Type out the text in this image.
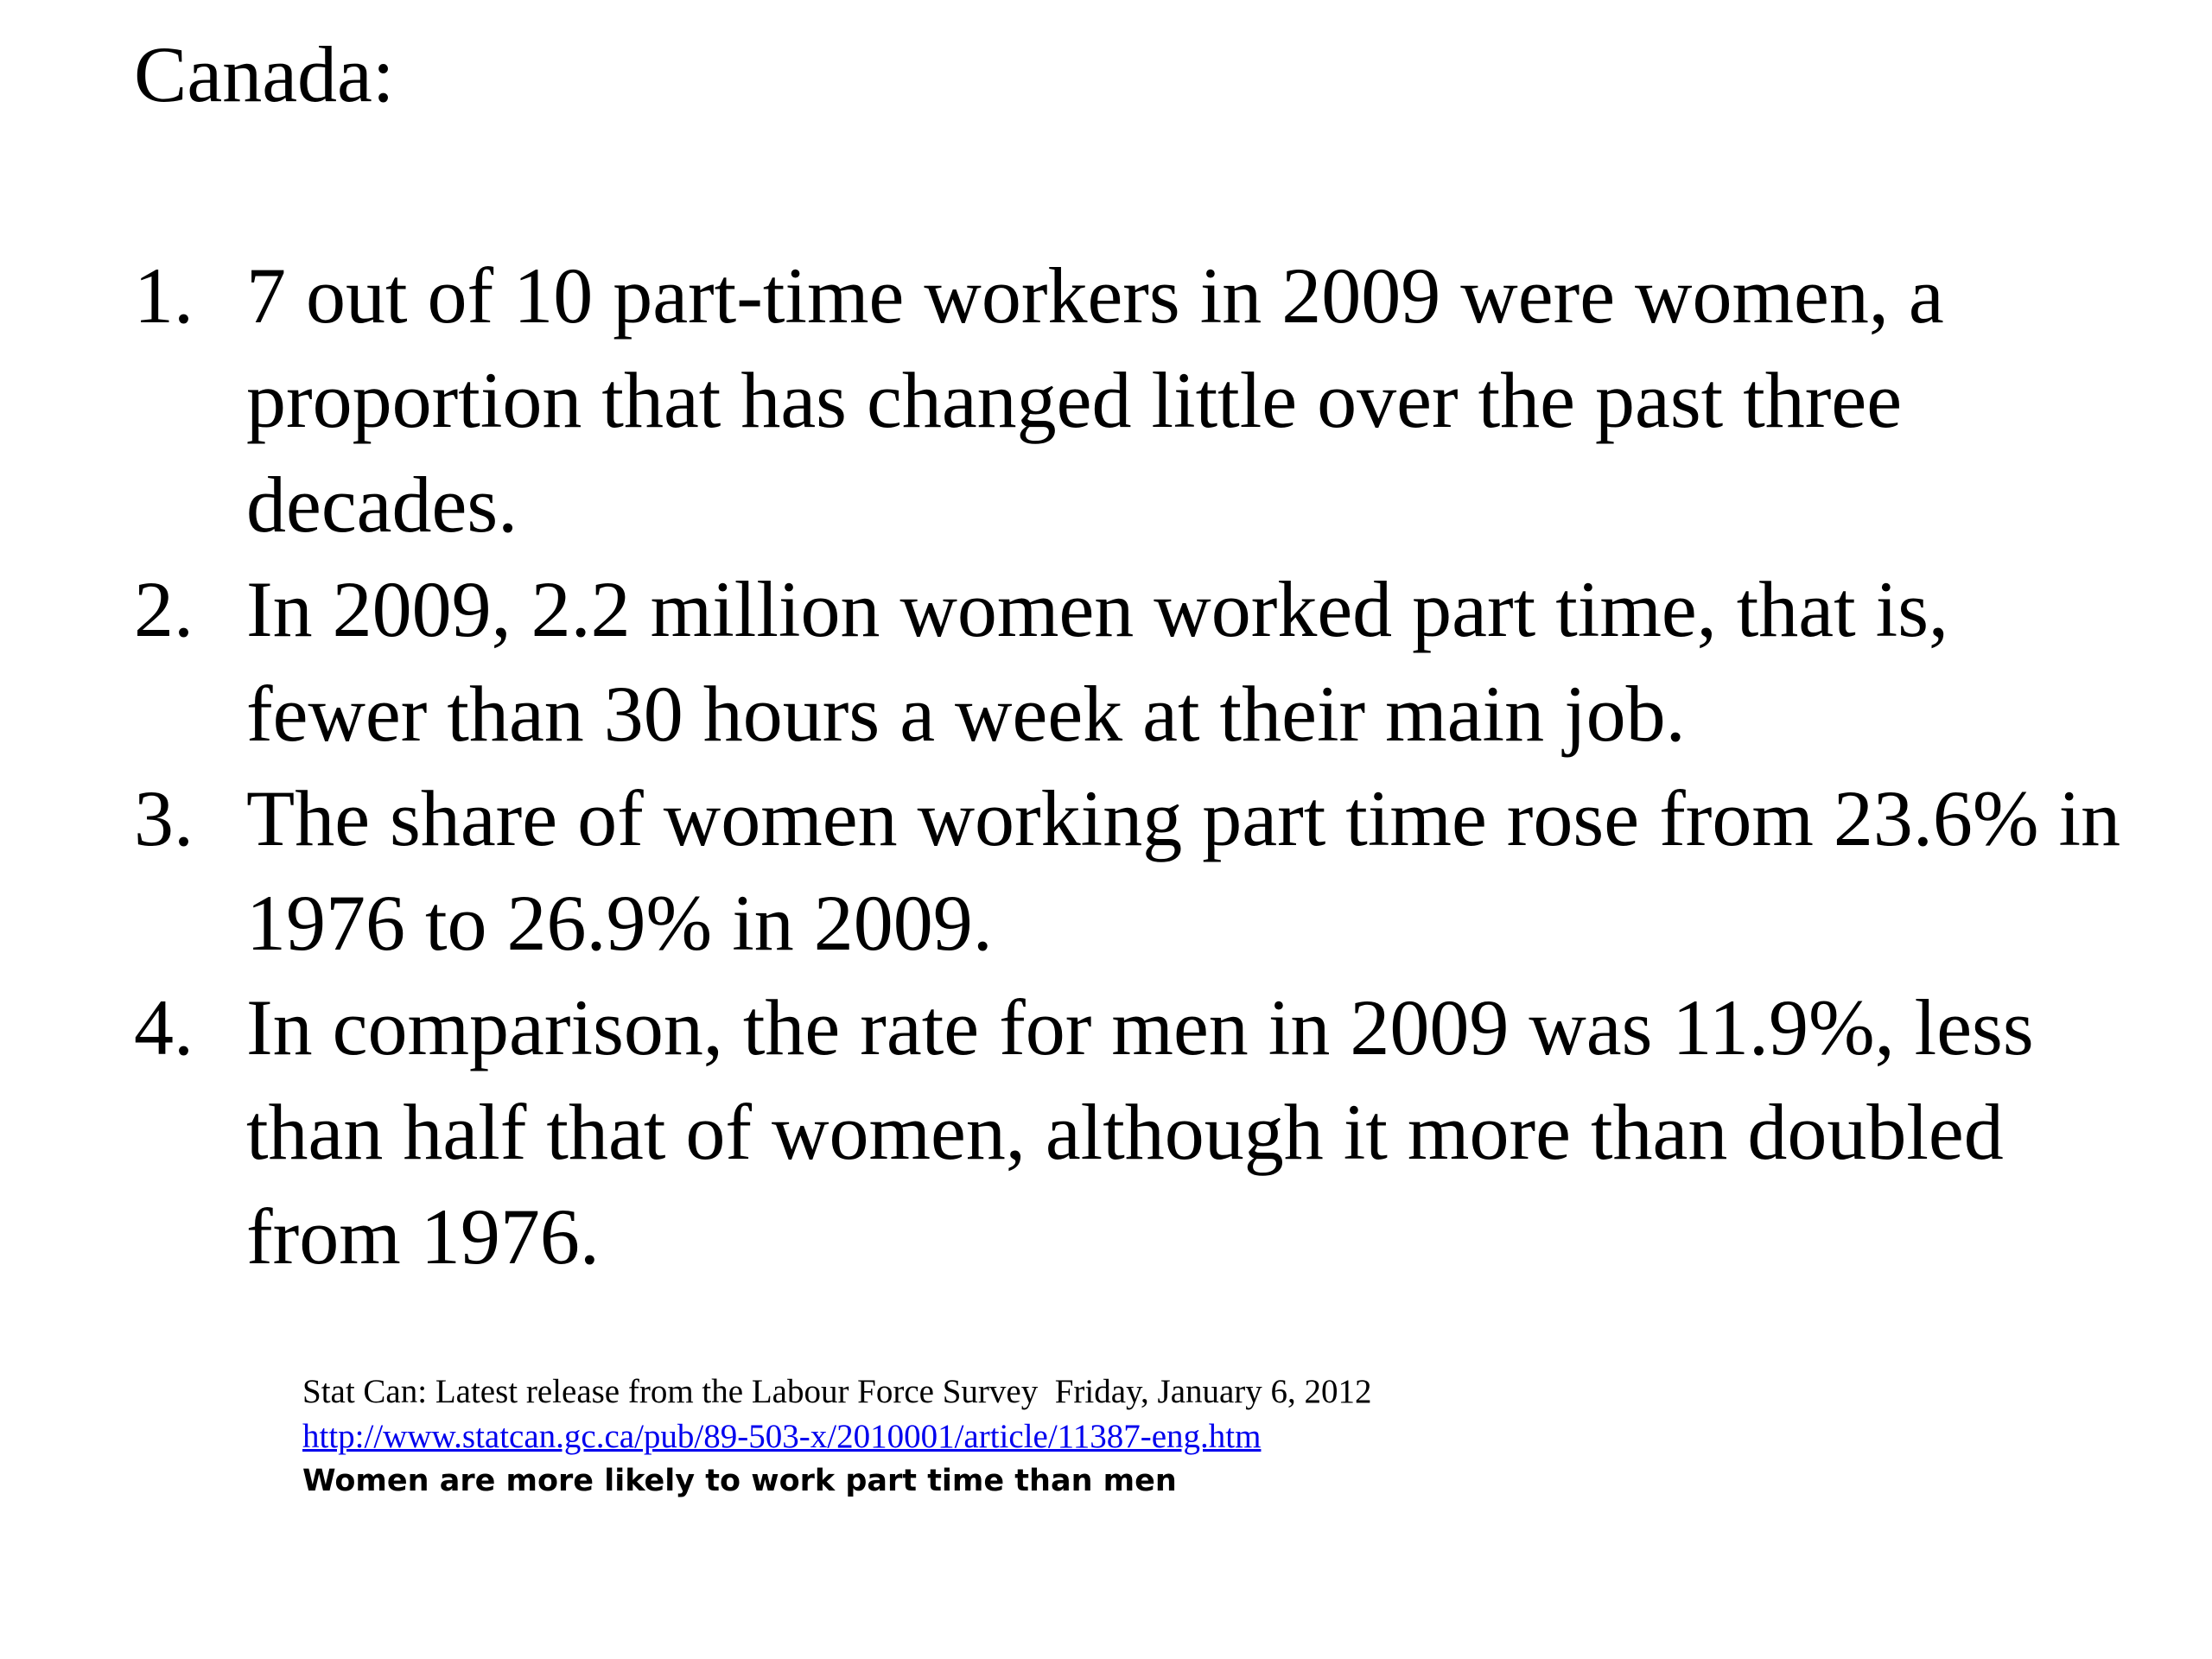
Canada:
1. 7 out of 10 part-time workers in 2009 were women, a proportion that has changed little over the past three decades.
2. In 2009, 2.2 million women worked part time, that is, fewer than 30 hours a week at their main job.
3. The share of women working part time rose from 23.6% in 1976 to 26.9% in 2009.
4. In comparison, the rate for men in 2009 was 11.9%, less than half that of women, although it more than doubled from 1976.
Stat Can: Latest release from the Labour Force Survey  Friday, January 6, 2012
http://www.statcan.gc.ca/pub/89-503-x/2010001/article/11387-eng.htm
Women are more likely to work part time than men
